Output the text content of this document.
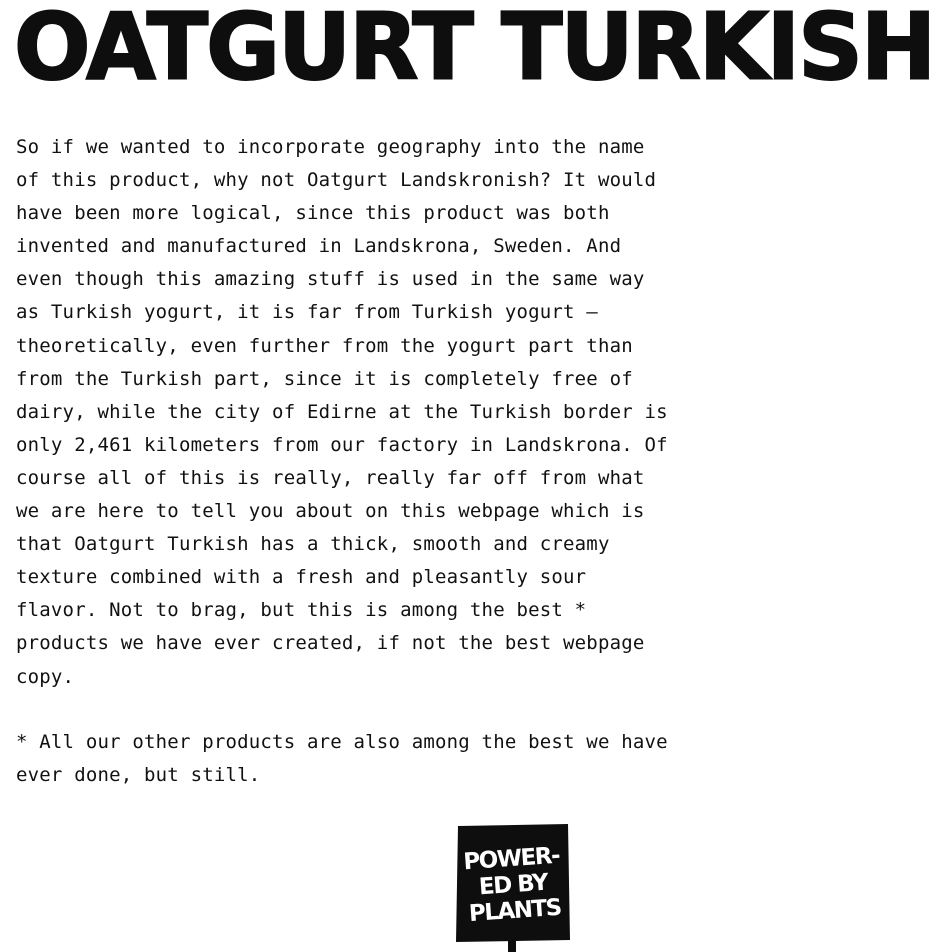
OATGURT TURKISH

So if we wanted to incorporate geography into the name
of this product, why not Oatgurt Landskronish? It would
have been more logical, since this product was both
invented and manufactured in Landskrona, Sweden. And
even though this amazing stuff is used in the same way
as Turkish yogurt, it is far from Turkish yogurt –
theoretically, even further from the yogurt part than
from the Turkish part, since it is completely free of
dairy, while the city of Edirne at the Turkish border is
only 2,461 kilometers from our factory in Landskrona. Of
course all of this is really, really far off from what
we are here to tell you about on this webpage which is
that Oatgurt Turkish has a thick, smooth and creamy
texture combined with a fresh and pleasantly sour
flavor. Not to brag, but this is among the best *
products we have ever created, if not the best webpage
copy.

* All our other products are also among the best we have
ever done, but still.

POWER-
ED BY
PLANTS
